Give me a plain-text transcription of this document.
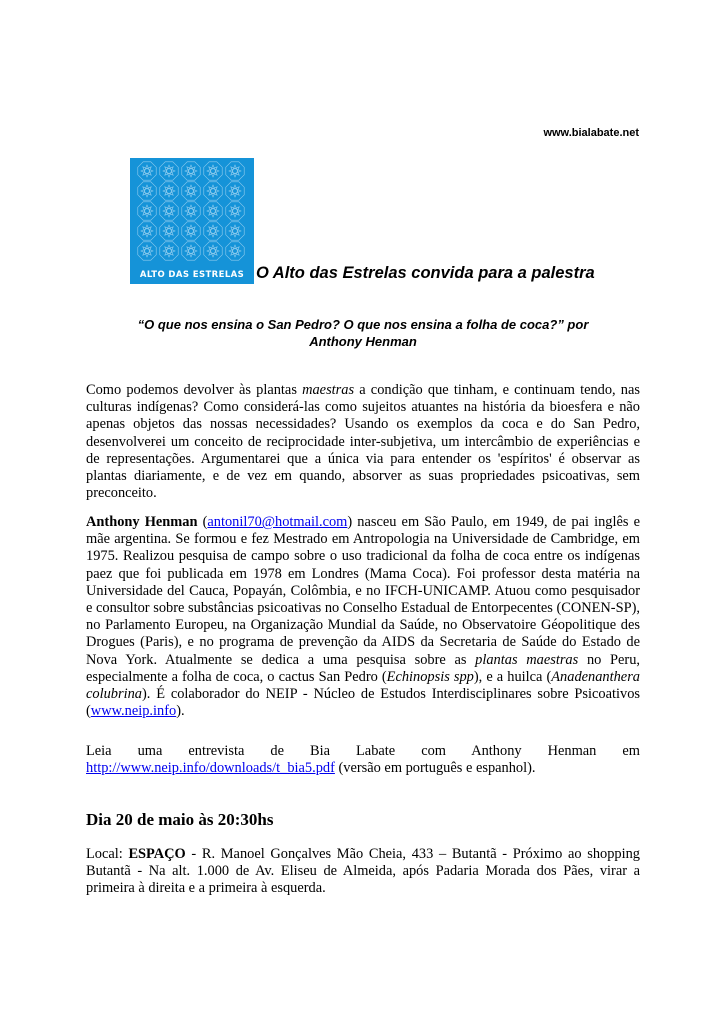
www.bialabate.net
ALTO DAS ESTRELAS O Alto das Estrelas convida para a palestra
“O que nos ensina o San Pedro? O que nos ensina a folha de coca?” por
Anthony Henman

Como podemos devolver às plantas maestras a condição que tinham, e continuam tendo, nas culturas indígenas? Como considerá-las como sujeitos atuantes na história da bioesfera e não apenas objetos das nossas necessidades? Usando os exemplos da coca e do San Pedro, desenvolverei um conceito de reciprocidade inter-subjetiva, um intercâmbio de experiências e de representações. Argumentarei que a única via para entender os 'espíritos' é observar as plantas diariamente, e de vez em quando, absorver as suas propriedades psicoativas, sem preconceito.

Anthony Henman (antonil70@hotmail.com) nasceu em São Paulo, em 1949, de pai inglês e mãe argentina. Se formou e fez Mestrado em Antropologia na Universidade de Cambridge, em 1975. Realizou pesquisa de campo sobre o uso tradicional da folha de coca entre os indígenas paez que foi publicada em 1978 em Londres (Mama Coca). Foi professor desta matéria na Universidade del Cauca, Popayán, Colômbia, e no IFCH-UNICAMP. Atuou como pesquisador e consultor sobre substâncias psicoativas no Conselho Estadual de Entorpecentes (CONEN-SP), no Parlamento Europeu, na Organização Mundial da Saúde, no Observatoire Géopolitique des Drogues (Paris), e no programa de prevenção da AIDS da Secretaria de Saúde do Estado de Nova York. Atualmente se dedica a uma pesquisa sobre as plantas maestras no Peru, especialmente a folha de coca, o cactus San Pedro (Echinopsis spp), e a huilca (Anadenanthera colubrina). É colaborador do NEIP - Núcleo de Estudos Interdisciplinares sobre Psicoativos (www.neip.info).

Leia uma entrevista de Bia Labate com Anthony Henman em
http://www.neip.info/downloads/t_bia5.pdf (versão em português e espanhol).

Dia 20 de maio às 20:30hs

Local: ESPAÇO - R. Manoel Gonçalves Mão Cheia, 433 – Butantã - Próximo ao shopping Butantã - Na alt. 1.000 de Av. Eliseu de Almeida, após Padaria Morada dos Pães, virar a primeira à direita e a primeira à esquerda.
